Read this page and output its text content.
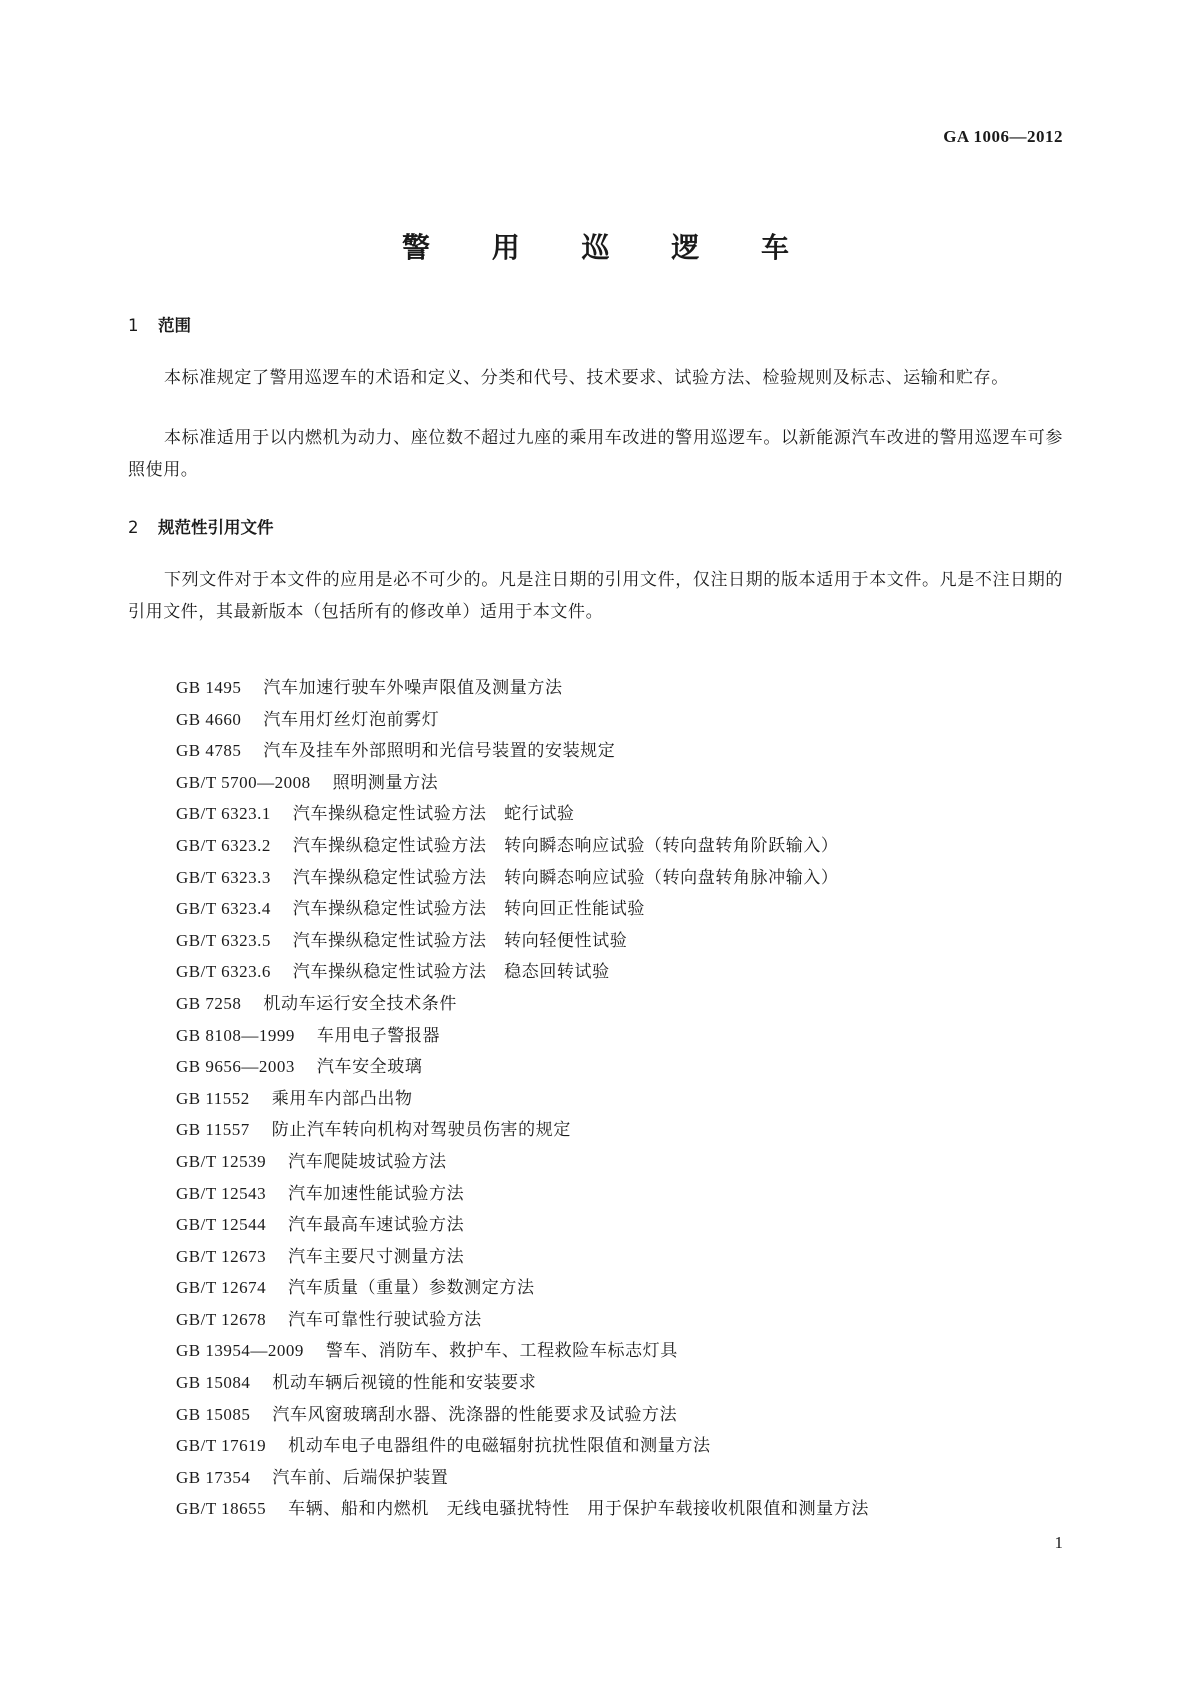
GA 1006—2012
警 用 巡 逻 车
1 范围

本标准规定了警用巡逻车的术语和定义、分类和代号、技术要求、试验方法、检验规则及标志、运输和贮存。

本标准适用于以内燃机为动力、座位数不超过九座的乘用车改进的警用巡逻车。以新能源汽车改进的警用巡逻车可参照使用。

2 规范性引用文件

下列文件对于本文件的应用是必不可少的。凡是注日期的引用文件，仅注日期的版本适用于本文件。凡是不注日期的引用文件，其最新版本（包括所有的修改单）适用于本文件。

GB 1495 汽车加速行驶车外噪声限值及测量方法
GB 4660 汽车用灯丝灯泡前雾灯
GB 4785 汽车及挂车外部照明和光信号装置的安装规定
GB/T 5700—2008 照明测量方法
GB/T 6323.1 汽车操纵稳定性试验方法　蛇行试验
GB/T 6323.2 汽车操纵稳定性试验方法　转向瞬态响应试验（转向盘转角阶跃输入）
GB/T 6323.3 汽车操纵稳定性试验方法　转向瞬态响应试验（转向盘转角脉冲输入）
GB/T 6323.4 汽车操纵稳定性试验方法　转向回正性能试验
GB/T 6323.5 汽车操纵稳定性试验方法　转向轻便性试验
GB/T 6323.6 汽车操纵稳定性试验方法　稳态回转试验
GB 7258 机动车运行安全技术条件
GB 8108—1999 车用电子警报器
GB 9656—2003 汽车安全玻璃
GB 11552 乘用车内部凸出物
GB 11557 防止汽车转向机构对驾驶员伤害的规定
GB/T 12539 汽车爬陡坡试验方法
GB/T 12543 汽车加速性能试验方法
GB/T 12544 汽车最高车速试验方法
GB/T 12673 汽车主要尺寸测量方法
GB/T 12674 汽车质量（重量）参数测定方法
GB/T 12678 汽车可靠性行驶试验方法
GB 13954—2009 警车、消防车、救护车、工程救险车标志灯具
GB 15084 机动车辆后视镜的性能和安装要求
GB 15085 汽车风窗玻璃刮水器、洗涤器的性能要求及试验方法
GB/T 17619 机动车电子电器组件的电磁辐射抗扰性限值和测量方法
GB 17354 汽车前、后端保护装置
GB/T 18655 车辆、船和内燃机　无线电骚扰特性　用于保护车载接收机限值和测量方法
1
